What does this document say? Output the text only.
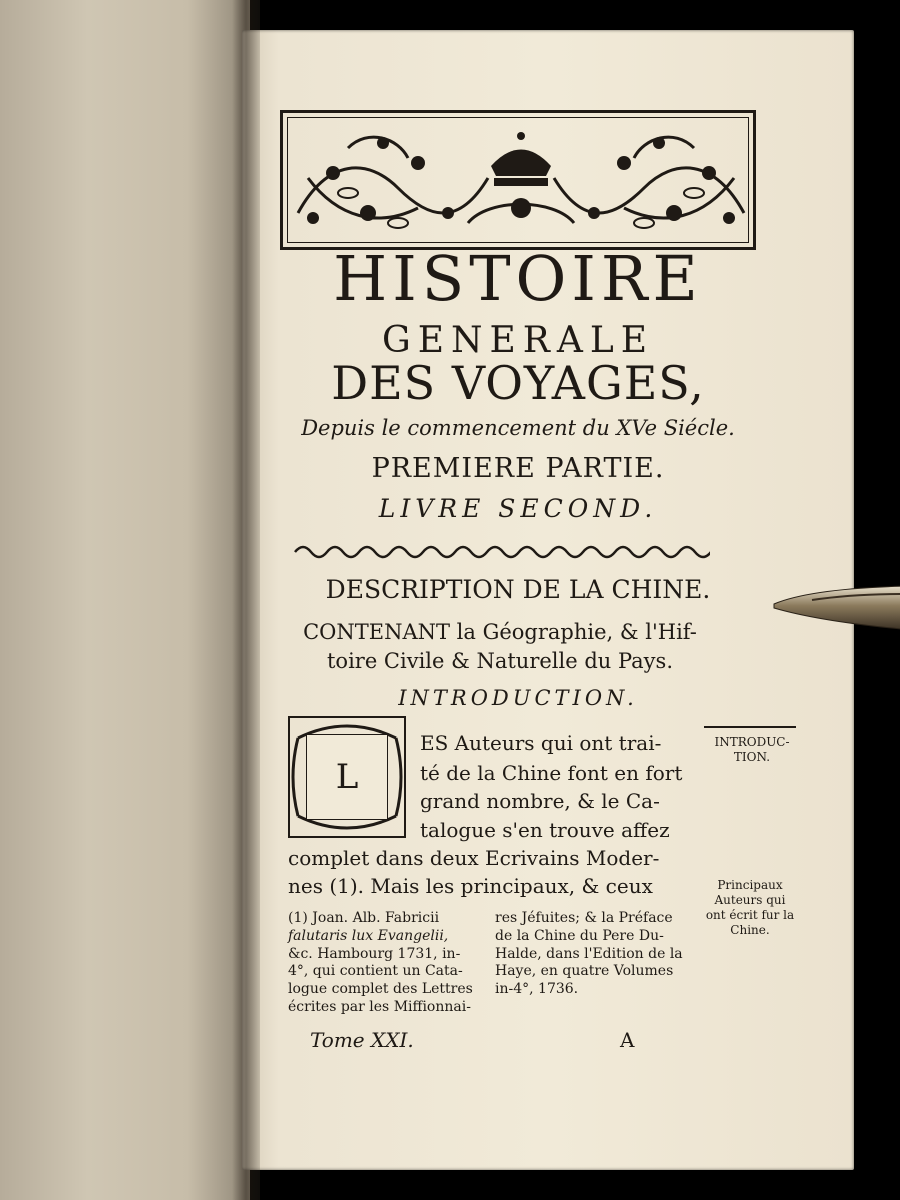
HISTOIRE
GENERALE
DES VOYAGES,
Depuis le commencement du XVe Siécle.
PREMIERE PARTIE.
LIVRE SECOND.
DESCRIPTION DE LA CHINE.
CONTENANT la Géographie, & l'Hif-
toire Civile & Naturelle du Pays.
INTRODUCTION.
L
ES Auteurs qui ont trai-
té de la Chine font en fort
grand nombre, & le Ca-
talogue s'en trouve affez
complet dans deux Ecrivains Moder-
nes (1). Mais les principaux, & ceux
INTRODUC-
TION.
Principaux
Auteurs qui
ont écrit fur la
Chine.
(1) Joan. Alb. Fabricii
falutaris lux Evangelii,
&c. Hambourg 1731, in-
4°, qui contient un Cata-
logue complet des Lettres
écrites par les Miffionnai-
res Jéfuites; & la Préface
de la Chine du Pere Du-
Halde, dans l'Edition de la
Haye, en quatre Volumes
in-4°, 1736.
Tome XXI.	A
